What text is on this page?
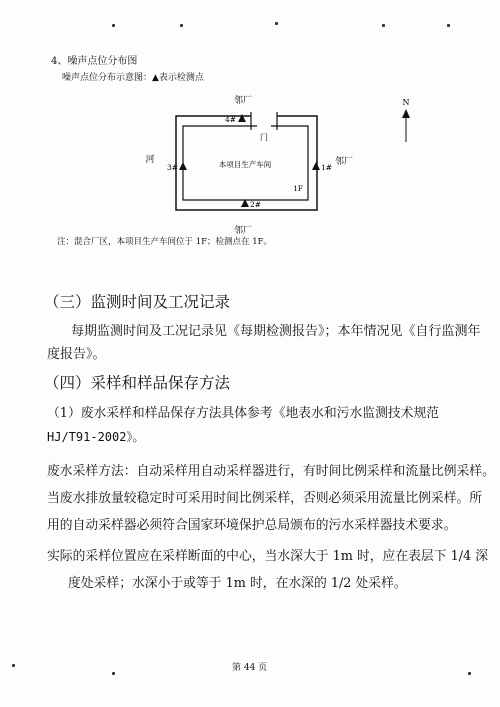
4、噪声点位分布图
噪声点位分布示意图：▲表示检测点
门
邻厂
邻厂
河	邻厂
本项目生产车间
1F
4#
3#	1#
2#
N
注：混合厂区，本项目生产车间位于 1F；检测点在 1F。
（三）监测时间及工况记录
每期监测时间及工况记录见《每期检测报告》；本年情况见《自行监测年
度报告》。
（四）采样和样品保存方法
（1）废水采样和样品保存方法具体参考《地表水和污水监测技术规范
HJ/T91-2002》。
废水采样方法：自动采样用自动采样器进行，有时间比例采样和流量比例采样。
当废水排放量较稳定时可采用时间比例采样，否则必须采用流量比例采样。所
用的自动采样器必须符合国家环境保护总局颁布的污水采样器技术要求。
实际的采样位置应在采样断面的中心，当水深大于 1m 时，应在表层下 1/4 深
度处采样；水深小于或等于 1m 时，在水深的 1/2 处采样。
第 44 页
